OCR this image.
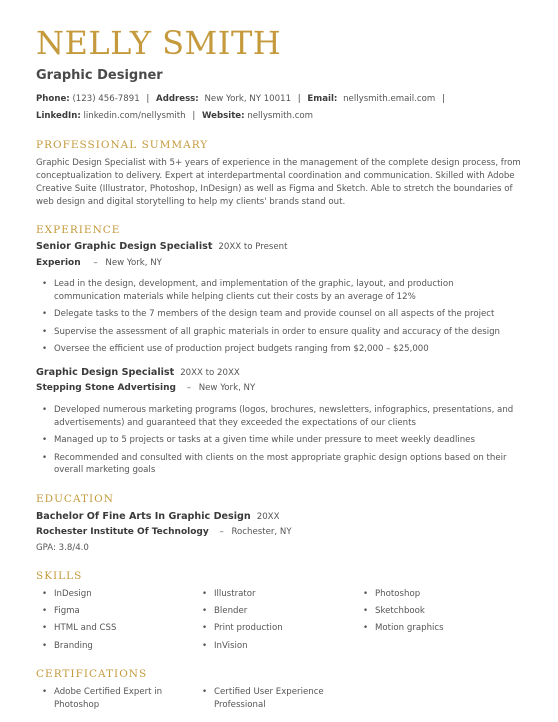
NELLY SMITH
Graphic Designer
Phone: (123) 456-7891 | Address: New York, NY 10011 | Email: nellysmith.email.com |
LinkedIn: linkedin.com/nellysmith | Website: nellysmith.com
PROFESSIONAL SUMMARY
Graphic Design Specialist with 5+ years of experience in the management of the complete design process, from
conceptualization to delivery. Expert at interdepartmental coordination and communication. Skilled with Adobe
Creative Suite (Illustrator, Photoshop, InDesign) as well as Figma and Sketch. Able to stretch the boundaries of
web design and digital storytelling to help my clients' brands stand out.
EXPERIENCE
Senior Graphic Design Specialist 20XX to Present
Experion – New York, NY
• Lead in the design, development, and implementation of the graphic, layout, and production communication materials while helping clients cut their costs by an average of 12%
• Delegate tasks to the 7 members of the design team and provide counsel on all aspects of the project
• Supervise the assessment of all graphic materials in order to ensure quality and accuracy of the design
• Oversee the efficient use of production project budgets ranging from $2,000 – $25,000
Graphic Design Specialist 20XX to 20XX
Stepping Stone Advertising – New York, NY
• Developed numerous marketing programs (logos, brochures, newsletters, infographics, presentations, and advertisements) and guaranteed that they exceeded the expectations of our clients
• Managed up to 5 projects or tasks at a given time while under pressure to meet weekly deadlines
• Recommended and consulted with clients on the most appropriate graphic design options based on their overall marketing goals
EDUCATION
Bachelor Of Fine Arts In Graphic Design 20XX
Rochester Institute Of Technology – Rochester, NY
GPA: 3.8/4.0
SKILLS
• InDesign
• Figma
• HTML and CSS
• Branding
• Illustrator
• Blender
• Print production
• InVision
• Photoshop
• Sketchbook
• Motion graphics
CERTIFICATIONS
• Adobe Certified Expert in
Photoshop
• Certified User Experience
Professional
